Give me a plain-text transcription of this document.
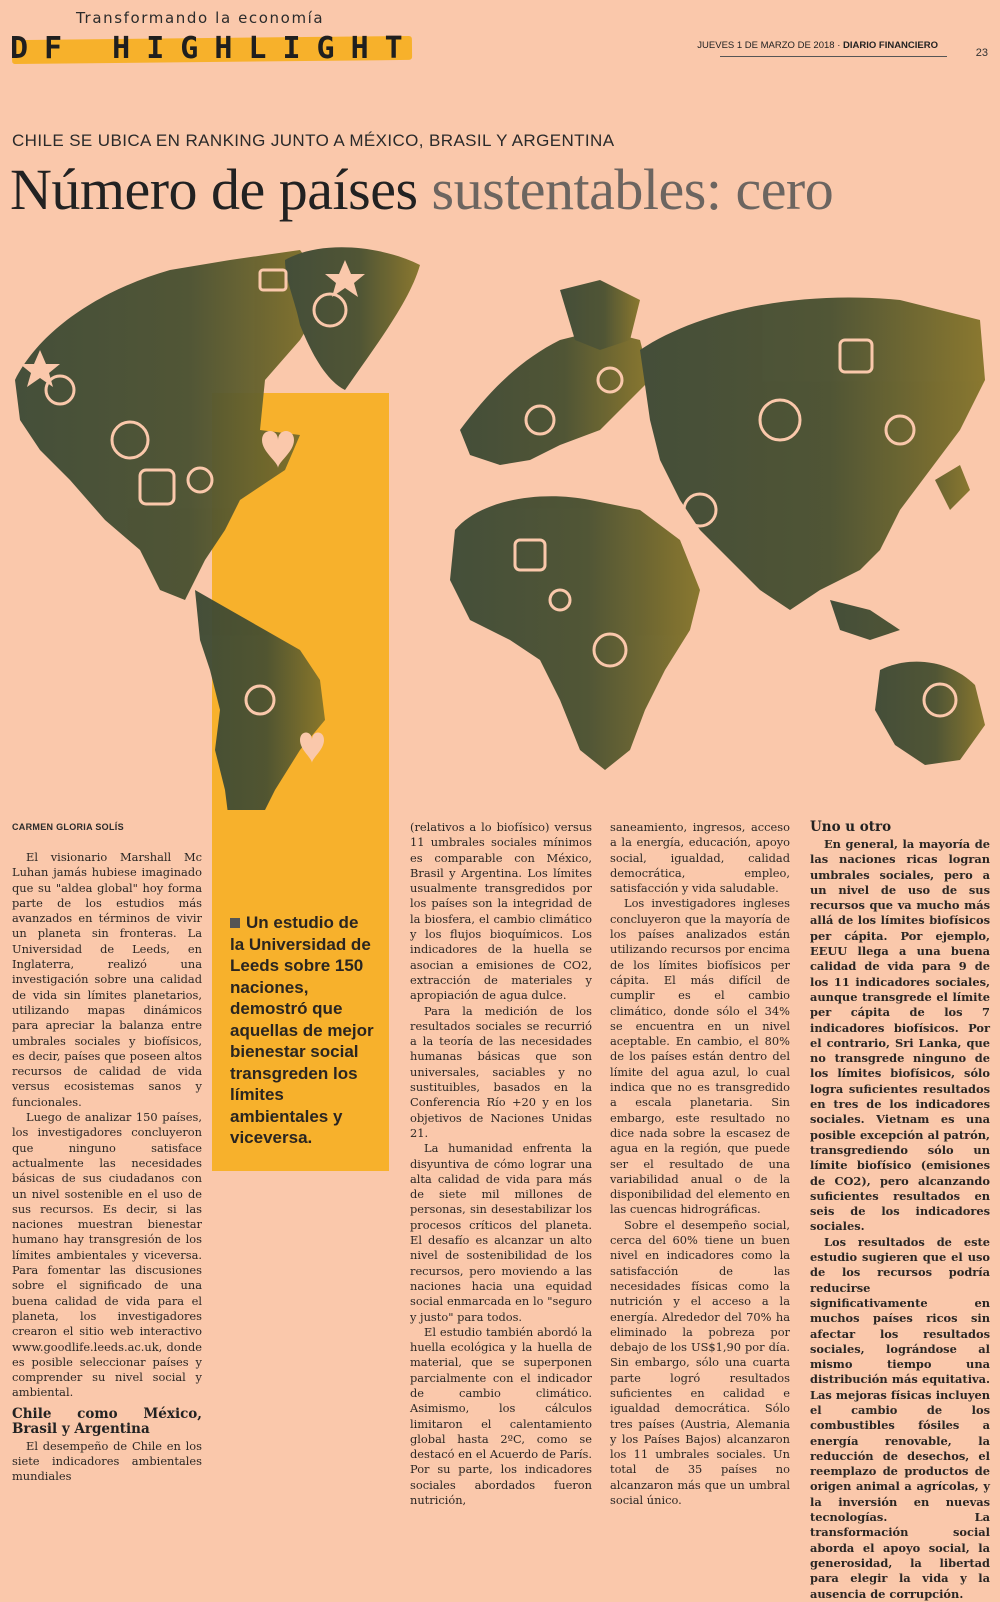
Transformando la economía
DF HIGHLIGHT	JUEVES 1 DE MARZO DE 2018 · DIARIO FINANCIERO
23
CHILE SE UBICA EN RANKING JUNTO A MÉXICO, BRASIL Y ARGENTINA
Número de países sustentables: cero
Un estudio de la Universidad de Leeds sobre 150 naciones, demostró que aquellas de mejor bienestar social transgreden los límites ambientales y viceversa.
CARMEN GLORIA SOLÍS

El visionario Marshall Mc Luhan jamás hubiese imaginado que su "aldea global" hoy forma parte de los estudios más avanzados en términos de vivir un planeta sin fronteras. La Universidad de Leeds, en Inglaterra, realizó una investigación sobre una calidad de vida sin límites planetarios, utilizando mapas dinámicos para apreciar la balanza entre umbrales sociales y biofísicos, es decir, países que poseen altos recursos de calidad de vida versus ecosistemas sanos y funcionales.

Luego de analizar 150 países, los investigadores concluyeron que ninguno satisface actualmente las necesidades básicas de sus ciudadanos con un nivel sostenible en el uso de sus recursos. Es decir, si las naciones muestran bienestar humano hay transgresión de los límites ambientales y viceversa. Para fomentar las discusiones sobre el significado de una buena calidad de vida para el planeta, los investigadores crearon el sitio web interactivo www.goodlife.leeds.ac.uk, donde es posible seleccionar países y comprender su nivel social y ambiental.

Chile como México, Brasil y Argentina

El desempeño de Chile en los siete indicadores ambientales mundiales

(relativos a lo biofísico) versus 11 umbrales sociales mínimos es comparable con México, Brasil y Argentina. Los límites usualmente transgredidos por los países son la integridad de la biosfera, el cambio climático y los flujos bioquímicos. Los indicadores de la huella se asocian a emisiones de CO2, extracción de materiales y apropiación de agua dulce.

Para la medición de los resultados sociales se recurrió a la teoría de las necesidades humanas básicas que son universales, saciables y no sustituibles, basados en la Conferencia Río +20 y en los objetivos de Naciones Unidas 21.

La humanidad enfrenta la disyuntiva de cómo lograr una alta calidad de vida para más de siete mil millones de personas, sin desestabilizar los procesos críticos del planeta. El desafío es alcanzar un alto nivel de sostenibilidad de los recursos, pero moviendo a las naciones hacia una equidad social enmarcada en lo "seguro y justo" para todos.

El estudio también abordó la huella ecológica y la huella de material, que se superponen parcialmente con el indicador de cambio climático. Asimismo, los cálculos limitaron el calentamiento global hasta 2ºC, como se destacó en el Acuerdo de París. Por su parte, los indicadores sociales abordados fueron nutrición,

saneamiento, ingresos, acceso a la energía, educación, apoyo social, igualdad, calidad democrática, empleo, satisfacción y vida saludable.

Los investigadores ingleses concluyeron que la mayoría de los países analizados están utilizando recursos por encima de los límites biofísicos per cápita. El más difícil de cumplir es el cambio climático, donde sólo el 34% se encuentra en un nivel aceptable. En cambio, el 80% de los países están dentro del límite del agua azul, lo cual indica que no es transgredido a escala planetaria. Sin embargo, este resultado no dice nada sobre la escasez de agua en la región, que puede ser el resultado de una variabilidad anual o de la disponibilidad del elemento en las cuencas hidrográficas.

Sobre el desempeño social, cerca del 60% tiene un buen nivel en indicadores como la satisfacción de las necesidades físicas como la nutrición y el acceso a la energía. Alrededor del 70% ha eliminado la pobreza por debajo de los US$1,90 por día. Sin embargo, sólo una cuarta parte logró resultados suficientes en calidad e igualdad democrática. Sólo tres países (Austria, Alemania y los Países Bajos) alcanzaron los 11 umbrales sociales. Un total de 35 países no alcanzaron más que un umbral social único.

Uno u otro

En general, la mayoría de las naciones ricas logran umbrales sociales, pero a un nivel de uso de sus recursos que va mucho más allá de los límites biofísicos per cápita. Por ejemplo, EEUU llega a una buena calidad de vida para 9 de los 11 indicadores sociales, aunque transgrede el límite per cápita de los 7 indicadores biofísicos. Por el contrario, Sri Lanka, que no transgrede ninguno de los límites biofísicos, sólo logra suficientes resultados en tres de los indicadores sociales. Vietnam es una posible excepción al patrón, transgrediendo sólo un límite biofísico (emisiones de CO2), pero alcanzando suficientes resultados en seis de los indicadores sociales.

Los resultados de este estudio sugieren que el uso de los recursos podría reducirse significativamente en muchos países ricos sin afectar los resultados sociales, lográndose al mismo tiempo una distribución más equitativa. Las mejoras físicas incluyen el cambio de los combustibles fósiles a energía renovable, la reducción de desechos, el reemplazo de productos de origen animal a agrícolas, y la inversión en nuevas tecnologías. La transformación social aborda el apoyo social, la generosidad, la libertad para elegir la vida y la ausencia de corrupción.
